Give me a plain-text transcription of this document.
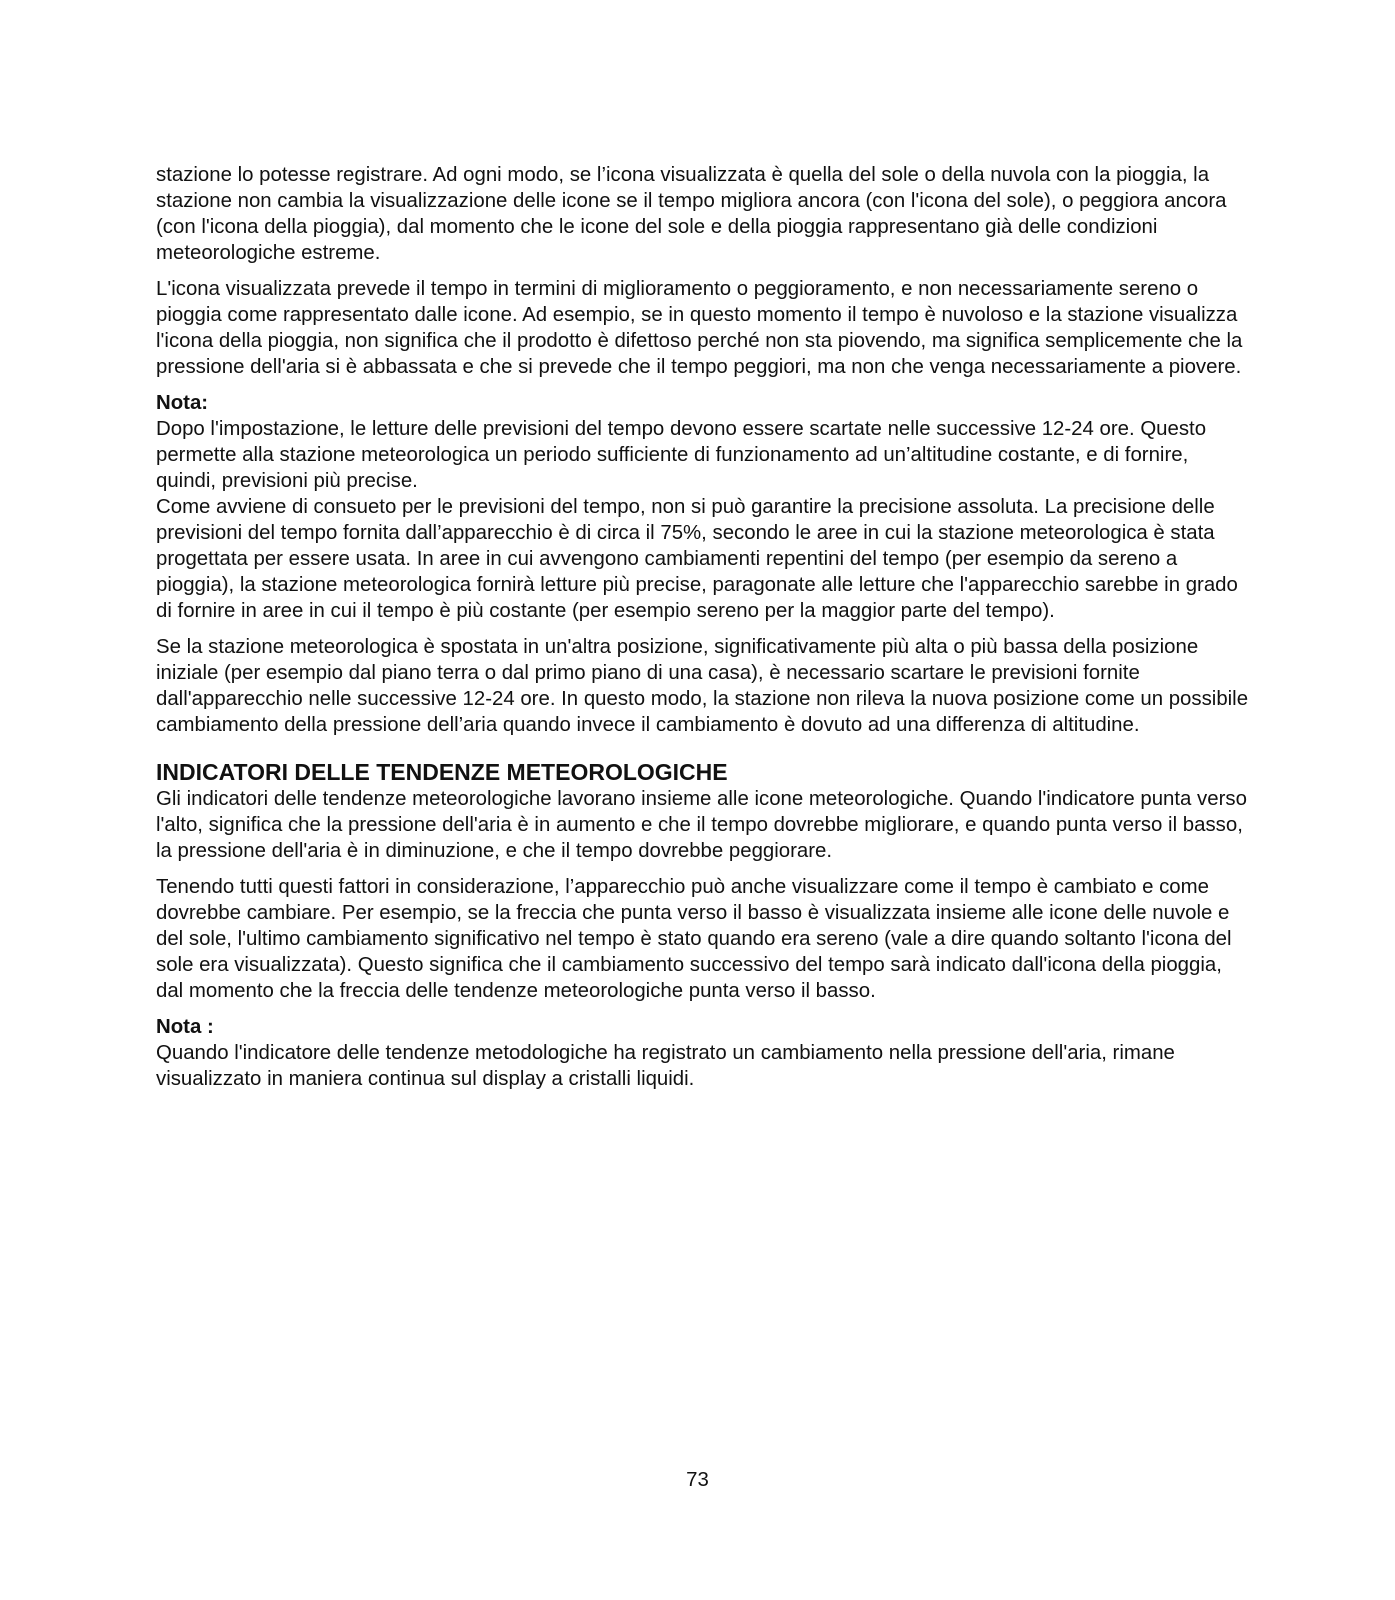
stazione lo potesse registrare. Ad ogni modo, se l’icona visualizzata è quella del sole o della nuvola con la pioggia, la stazione non cambia la visualizzazione delle icone se il tempo migliora ancora (con l'icona del sole), o peggiora ancora (con l'icona della pioggia), dal momento che le icone del sole e della pioggia rappresentano già delle condizioni meteorologiche estreme.

L'icona visualizzata prevede il tempo in termini di miglioramento o peggioramento, e non necessariamente sereno o pioggia come rappresentato dalle icone. Ad esempio, se in questo momento il tempo è nuvoloso e la stazione visualizza l'icona della pioggia, non significa che il prodotto è difettoso perché non sta piovendo, ma significa semplicemente che la pressione dell'aria si è abbassata e che si prevede che il tempo peggiori, ma non che venga necessariamente a piovere.

Nota:

Dopo l'impostazione, le letture delle previsioni del tempo devono essere scartate nelle successive 12-24 ore. Questo permette alla stazione meteorologica un periodo sufficiente di funzionamento ad un’altitudine costante, e di fornire, quindi, previsioni più precise.

Come avviene di consueto per le previsioni del tempo, non si può garantire la precisione assoluta. La precisione delle previsioni del tempo fornita dall’apparecchio è di circa il 75%, secondo le aree in cui la stazione meteorologica è stata progettata per essere usata. In aree in cui avvengono cambiamenti repentini del tempo (per esempio da sereno a pioggia), la stazione meteorologica fornirà letture più precise, paragonate alle letture che l'apparecchio sarebbe in grado di fornire in aree in cui il tempo è più costante (per esempio sereno per la maggior parte del tempo).

Se la stazione meteorologica è spostata in un'altra posizione, significativamente più alta o più bassa della posizione iniziale (per esempio dal piano terra o dal primo piano di una casa), è necessario scartare le previsioni fornite dall'apparecchio nelle successive 12-24 ore. In questo modo, la stazione non rileva la nuova posizione come un possibile cambiamento della pressione dell’aria quando invece il cambiamento è dovuto ad una differenza di altitudine.

INDICATORI DELLE TENDENZE METEOROLOGICHE

Gli indicatori delle tendenze meteorologiche lavorano insieme alle icone meteorologiche. Quando l'indicatore punta verso l'alto, significa che la pressione dell'aria è in aumento e che il tempo dovrebbe migliorare, e quando punta verso il basso, la pressione dell'aria è in diminuzione, e che il tempo dovrebbe peggiorare.

Tenendo tutti questi fattori in considerazione, l’apparecchio può anche visualizzare come il tempo è cambiato e come dovrebbe cambiare. Per esempio, se la freccia che punta verso il basso è visualizzata insieme alle icone delle nuvole e del sole, l'ultimo cambiamento significativo nel tempo è stato quando era sereno (vale a dire quando soltanto l'icona del sole era visualizzata). Questo significa che il cambiamento successivo del tempo sarà indicato dall'icona della pioggia, dal momento che la freccia delle tendenze meteorologiche punta verso il basso.

Nota :

Quando l'indicatore delle tendenze metodologiche ha registrato un cambiamento nella pressione dell'aria, rimane visualizzato in maniera continua sul display a cristalli liquidi.

73
